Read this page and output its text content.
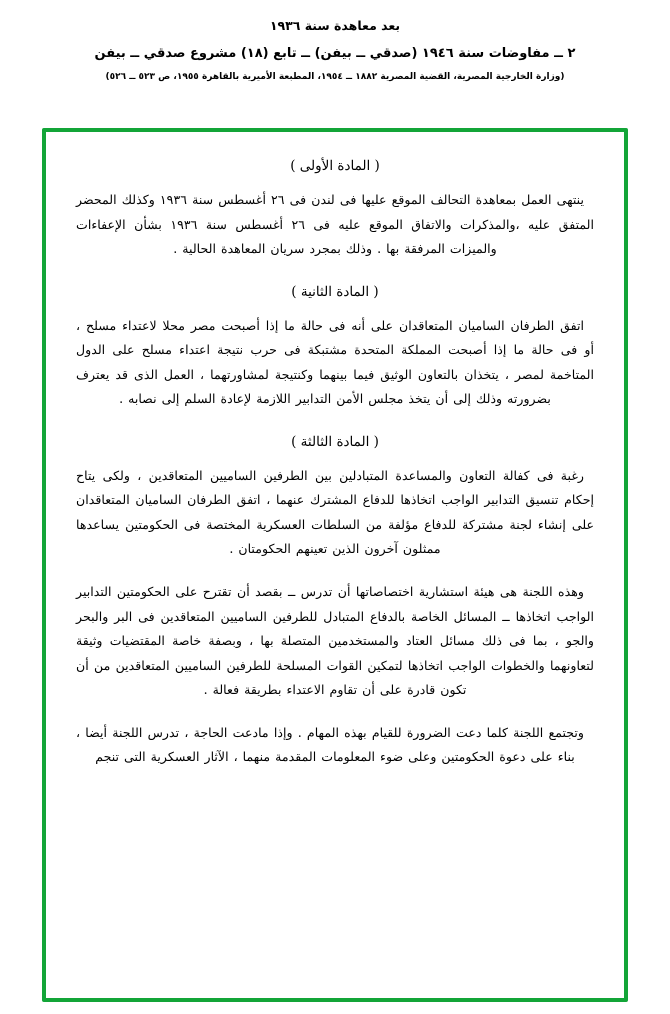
بعد معاهدة سنة ١٩٣٦
٢ ــ مفاوضات سنة ١٩٤٦ (صدقي ــ بيفن) ــ تابع (١٨) مشروع صدقي ــ بيفن
(وزارة الخارجية المصرية، القضية المصرية ١٨٨٢ ــ ١٩٥٤، المطبعة الأميرية بالقاهرة ١٩٥٥، ص ٥٢٣ ــ ٥٢٦)
( المادة الأولى )

ينتهى العمل بمعاهدة التحالف الموقع عليها فى لندن فى ٢٦ أغسطس سنة ١٩٣٦ وكذلك المحضر المتفق عليه ،والمذكرات والاتفاق الموقع عليه فى ٢٦ أغسطس سنة ١٩٣٦ بشأن الإعفاءات والميزات المرفقة بها . وذلك بمجرد سريان المعاهدة الحالية .

( المادة الثانية )

اتفق الطرفان الساميان المتعاقدان على أنه فى حالة ما إذا أصبحت مصر محلا لاعتداء مسلح ، أو فى حالة ما إذا أصبحت المملكة المتحدة مشتبكة فى حرب نتيجة اعتداء مسلح على الدول المتاخمة لمصر ، يتخذان بالتعاون الوثيق فيما بينهما وكنتيجة لمشاورتهما ، العمل الذى قد يعترف بضرورته وذلك إلى أن يتخذ مجلس الأمن التدابير اللازمة لإعادة السلم إلى نصابه .

( المادة الثالثة )

رغبة فى كفالة التعاون والمساعدة المتبادلين بين الطرفين الساميين المتعاقدين ، ولكى يتاح إحكام تنسيق التدابير الواجب اتخاذها للدفاع المشترك عنهما ، اتفق الطرفان الساميان المتعاقدان على إنشاء لجنة مشتركة للدفاع مؤلفة من السلطات العسكرية المختصة فى الحكومتين يساعدها ممثلون آخرون الذين تعينهم الحكومتان .

وهذه اللجنة هى هيئة استشارية اختصاصاتها أن تدرس ــ بقصد أن تقترح على الحكومتين التدابير الواجب اتخاذها ــ المسائل الخاصة بالدفاع المتبادل للطرفين الساميين المتعاقدين فى البر والبحر والجو ، بما فى ذلك مسائل العتاد والمستخدمين المتصلة بها ، وبصفة خاصة المقتضيات وثيقة لتعاونهما والخطوات الواجب اتخاذها لتمكين القوات المسلحة للطرفين الساميين المتعاقدين من أن تكون قادرة على أن تقاوم الاعتداء بطريقة فعالة .

وتجتمع اللجنة كلما دعت الضرورة للقيام بهذه المهام . وإذا مادعت الحاجة ، تدرس اللجنة أيضا ، بناء على دعوة الحكومتين وعلى ضوء المعلومات المقدمة منهما ، الآثار العسكرية التى تنجم
